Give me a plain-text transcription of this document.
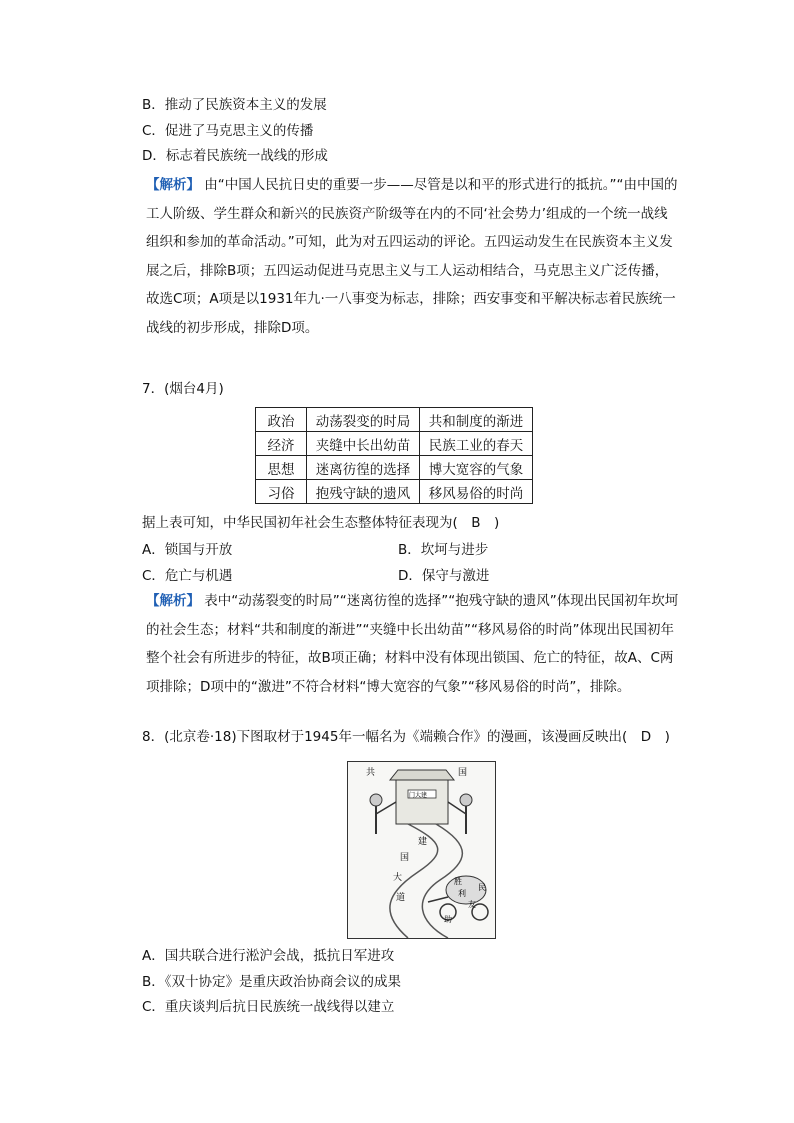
B．推动了民族资本主义的发展
C．促进了马克思主义的传播
D．标志着民族统一战线的形成
【解析】 由“中国人民抗日史的重要一步——尽管是以和平的形式进行的抵抗。”“由中国的工人阶级、学生群众和新兴的民族资产阶级等在内的不同‘社会势力’组成的一个统一战线组织和参加的革命活动。”可知，此为对五四运动的评论。五四运动发生在民族资本主义发展之后，排除B项；五四运动促进马克思主义与工人运动相结合，马克思主义广泛传播，故选C项；A项是以1931年九·一八事变为标志，排除；西安事变和平解决标志着民族统一战线的初步形成，排除D项。
7．(烟台4月)
政治	动荡裂变的时局	共和制度的渐进
经济	夹缝中长出幼苗	民族工业的春天
思想	迷离彷徨的选择	博大宽容的气象
习俗	抱残守缺的遗风	移风易俗的时尚
据上表可知，中华民国初年社会生态整体特征表现为(　B　)
A．锁国与开放	B．坎坷与进步
C．危亡与机遇	D．保守与激进
【解析】 表中“动荡裂变的时局”“迷离彷徨的选择”“抱残守缺的遗风”体现出民国初年坎坷的社会生态；材料“共和制度的渐进”“夹缝中长出幼苗”“移风易俗的时尚”体现出民国初年整个社会有所进步的特征，故B项正确；材料中没有体现出锁国、危亡的特征，故A、C两项排除；D项中的“激进”不符合材料“博大宽容的气象”“移风易俗的时尚”，排除。
8．(北京卷·18)下图取材于1945年一幅名为《端赖合作》的漫画，该漫画反映出(　D　)
共	国
门大建
建
国
大
道
胜
利
民
友
助
A．国共联合进行淞沪会战，抵抗日军进攻
B．《双十协定》是重庆政治协商会议的成果
C．重庆谈判后抗日民族统一战线得以建立
